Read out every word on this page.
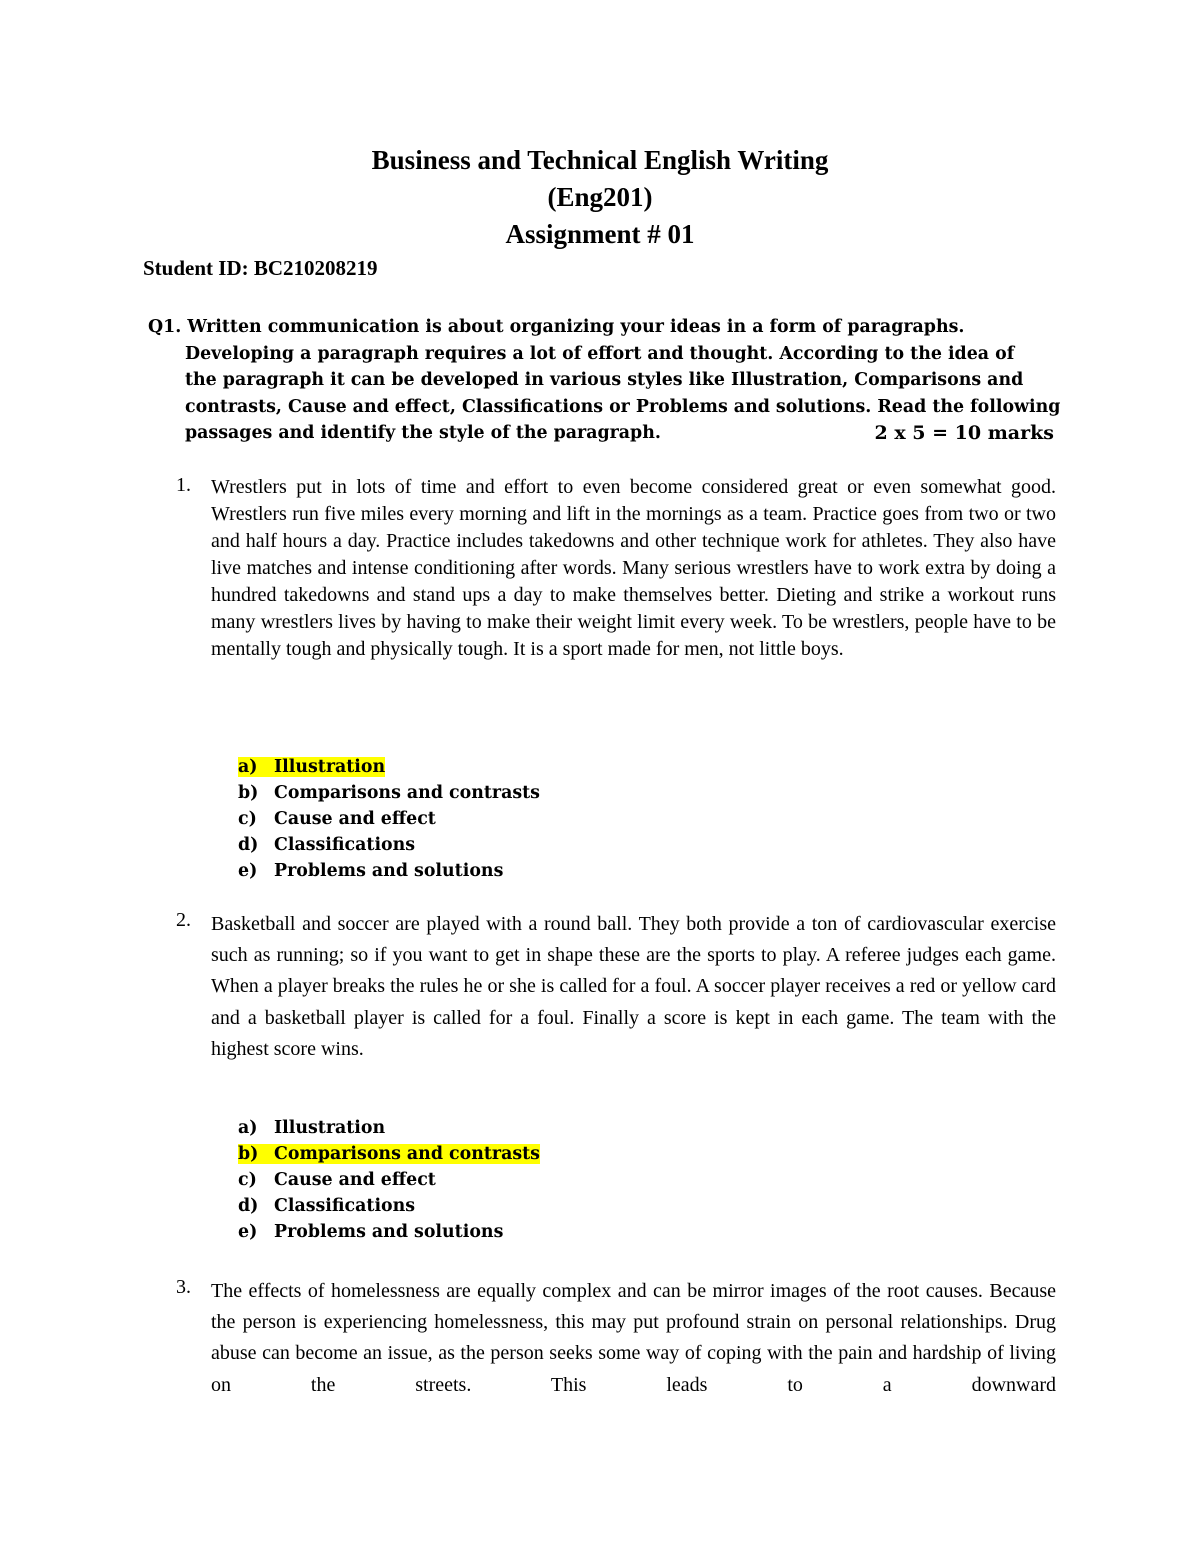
Business and Technical English Writing
(Eng201)
Assignment # 01
Student ID: BC210208219
Q1. Written communication is about organizing your ideas in a form of paragraphs.
Developing a paragraph requires a lot of effort and thought. According to the idea of
the paragraph it can be developed in various styles like Illustration, Comparisons and
contrasts, Cause and effect, Classifications or Problems and solutions. Read the following
passages and identify the style of the paragraph.	2 x 5 = 10 marks
1. Wrestlers put in lots of time and effort to even become considered great or even somewhat good. Wrestlers run five miles every morning and lift in the mornings as a team. Practice goes from two or two and half hours a day. Practice includes takedowns and other technique work for athletes. They also have live matches and intense conditioning after words. Many serious wrestlers have to work extra by doing a hundred takedowns and stand ups a day to make themselves better. Dieting and strike a workout runs many wrestlers lives by having to make their weight limit every week. To be wrestlers, people have to be mentally tough and physically tough. It is a sport made for men, not little boys.
a) Illustration
b) Comparisons and contrasts
c) Cause and effect
d) Classifications
e) Problems and solutions
2. Basketball and soccer are played with a round ball. They both provide a ton of cardiovascular exercise such as running; so if you want to get in shape these are the sports to play. A referee judges each game. When a player breaks the rules he or she is called for a foul. A soccer player receives a red or yellow card and a basketball player is called for a foul. Finally a score is kept in each game. The team with the highest score wins.
a) Illustration
b) Comparisons and contrasts
c) Cause and effect
d) Classifications
e) Problems and solutions
3. The effects of homelessness are equally complex and can be mirror images of the root causes. Because the person is experiencing homelessness, this may put profound strain on personal relationships. Drug abuse can become an issue, as the person seeks some way of coping with the pain and hardship of living on the streets. This leads to a downward
